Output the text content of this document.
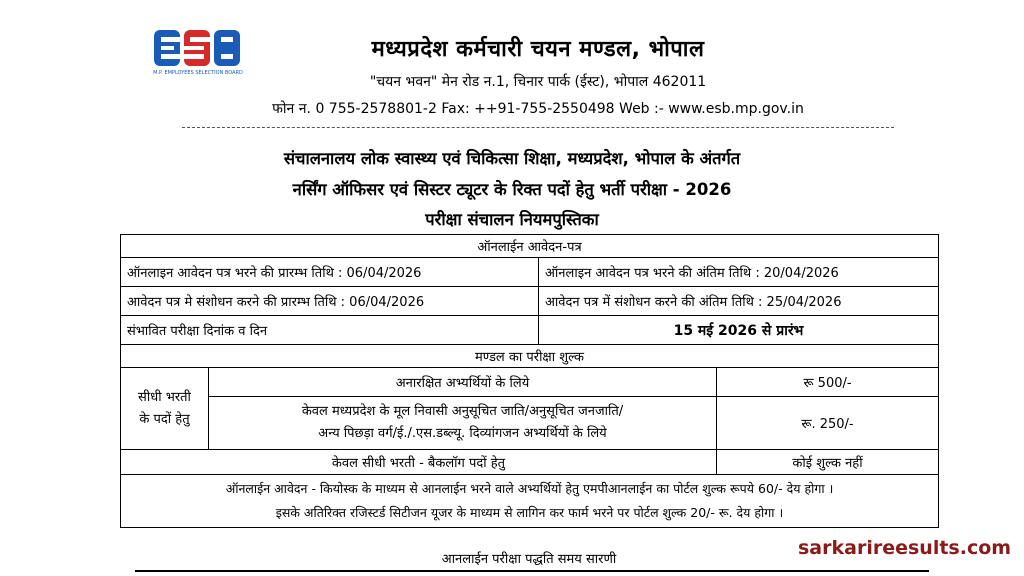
M.P. EMPLOYEES SELECTION BOARD
मध्यप्रदेश कर्मचारी चयन मण्डल, भोपाल
"चयन भवन" मेन रोड न.1, चिनार पार्क (ईस्ट), भोपाल 462011
फोन न. 0 755-2578801-2 Fax: ++91-755-2550498 Web :- www.esb.mp.gov.in
संचालनालय लोक स्वास्थ्य एवं चिकित्सा शिक्षा, मध्यप्रदेश, भोपाल के अंतर्गत
नर्सिंग ऑफिसर एवं सिस्टर ट्यूटर के रिक्त पदों हेतु भर्ती परीक्षा - 2026
परीक्षा संचालन नियमपुस्तिका
ऑनलाईन आवेदन-पत्र			
ऑनलाइन आवेदन पत्र भरने की प्रारम्भ तिथि : 06/04/2026		ऑनलाइन आवेदन पत्र भरने की अंतिम तिथि : 20/04/2026	
आवेदन पत्र मे संशोधन करने की प्रारम्भ तिथि : 06/04/2026		आवेदन पत्र में संशोधन करने की अंतिम तिथि : 25/04/2026	
संभावित परीक्षा दिनांक व दिन		15 मई 2026 से प्रारंभ	
मण्डल का परीक्षा शुल्क			
सीधी भरती
के पदों हेतु	अनारक्षित अभ्यर्थियों के लिये		रू 500/-
	केवल मध्यप्रदेश के मूल निवासी अनुसूचित जाति/अनुसूचित जनजाति/
अन्य पिछड़ा वर्ग/ई./.एस.डब्ल्यू. दिव्यांगजन अभ्यर्थियों के लिये		रू. 250/-
केवल सीधी भरती - बैकलॉग पदों हेतु			कोई शुल्क नहीं
ऑनलाईन आवेदन - कियोस्क के माध्यम से आनलाईन भरने वाले अभ्यर्थियों हेतु एमपीआनलाईन का पोर्टल शुल्क रूपये 60/- देय होगा ।
इसके अतिरिक्त रजिस्टर्ड सिटीजन यूजर के माध्यम से लागिन कर फार्म भरने पर पोर्टल शुल्क 20/- रू. देय होगा ।			
आनलाईन परीक्षा पद्धति समय सारणी
sarkarireesults.com
